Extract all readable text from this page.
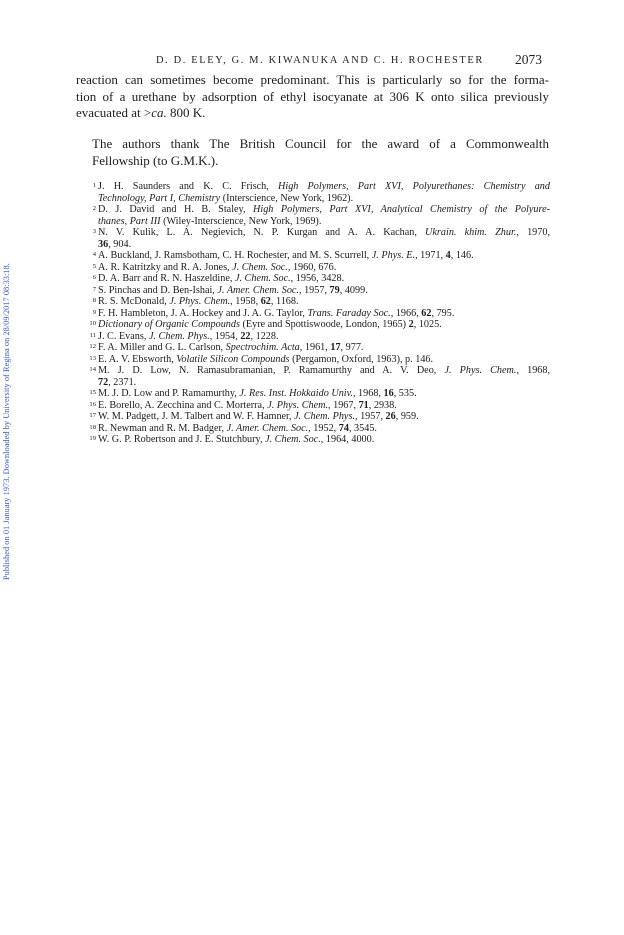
Published on 01 January 1973. Downloaded by University of Regina on 28/09/2017 08:33:18.
D. D. ELEY, G. M. KIWANUKA AND C. H. ROCHESTER 2073
reaction can sometimes become predominant. This is particularly so for the forma-
tion of a urethane by adsorption of ethyl isocyanate at 306 K onto silica previously
evacuated at >ca. 800 K.
The authors thank The British Council for the award of a Commonwealth
Fellowship (to G.M.K.).
1 J. H. Saunders and K. C. Frisch, High Polymers, Part XVI, Polyurethanes: Chemistry and
Technology, Part I, Chemistry (Interscience, New York, 1962).
2 D. J. David and H. B. Staley, High Polymers, Part XVI, Analytical Chemistry of the Polyure-
thanes, Part III (Wiley-Interscience, New York, 1969).
3 N. V. Kulik, L. A. Negievich, N. P. Kurgan and A. A. Kachan, Ukrain. khim. Zhur., 1970,
36, 904.
4 A. Buckland, J. Ramsbotham, C. H. Rochester, and M. S. Scurrell, J. Phys. E., 1971, 4, 146.
5 A. R. Katritzky and R. A. Jones, J. Chem. Soc., 1960, 676.
6 D. A. Barr and R. N. Haszeldine, J. Chem. Soc., 1956, 3428.
7 S. Pinchas and D. Ben-Ishai, J. Amer. Chem. Soc., 1957, 79, 4099.
8 R. S. McDonald, J. Phys. Chem., 1958, 62, 1168.
9 F. H. Hambleton, J. A. Hockey and J. A. G. Taylor, Trans. Faraday Soc., 1966, 62, 795.
10 Dictionary of Organic Compounds (Eyre and Spottiswoode, London, 1965) 2, 1025.
11 J. C. Evans, J. Chem. Phys., 1954, 22, 1228.
12 F. A. Miller and G. L. Carlson, Spectrochim. Acta, 1961, 17, 977.
13 E. A. V. Ebsworth, Volatile Silicon Compounds (Pergamon, Oxford, 1963), p. 146.
14 M. J. D. Low, N. Ramasubramanian, P. Ramamurthy and A. V. Deo, J. Phys. Chem., 1968,
72, 2371.
15 M. J. D. Low and P. Ramamurthy, J. Res. Inst. Hokkaido Univ., 1968, 16, 535.
16 E. Borello, A. Zecchina and C. Morterra, J. Phys. Chem., 1967, 71, 2938.
17 W. M. Padgett, J. M. Talbert and W. F. Hamner, J. Chem. Phys., 1957, 26, 959.
18 R. Newman and R. M. Badger, J. Amer. Chem. Soc., 1952, 74, 3545.
19 W. G. P. Robertson and J. E. Stutchbury, J. Chem. Soc., 1964, 4000.
